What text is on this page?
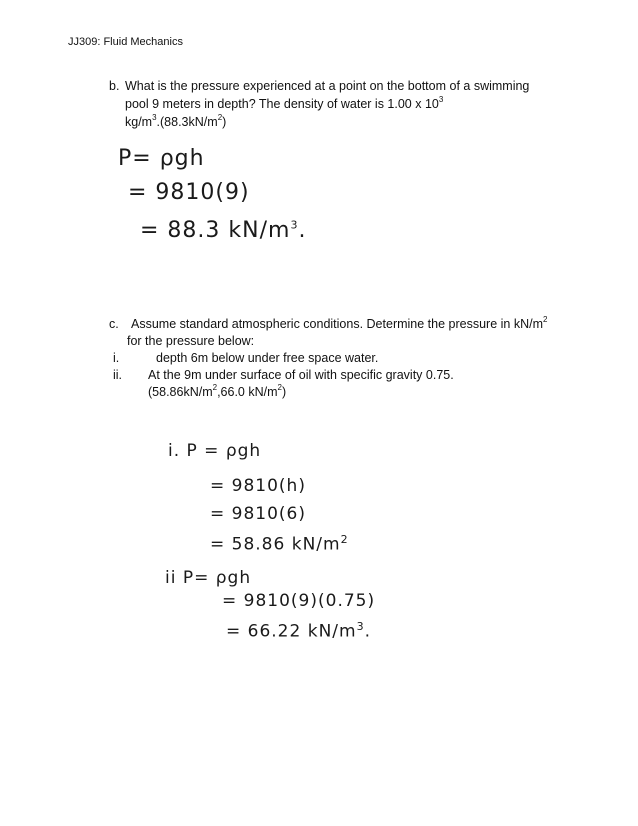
JJ309: Fluid Mechanics
b. What is the pressure experienced at a point on the bottom of a swimming
pool 9 meters in depth? The density of water is 1.00 x $10^3$
$kg/m^3.(88.3kN/m^2)$
P= ρgh
= 9810(9)
= 88.3 $kN/m^3$.
c. Assume standard atmospheric conditions. Determine the pressure in $kN/m^2$
for the pressure below:
i.	depth 6m below under free space water.
ii. At the 9m under surface of oil with specific gravity 0.75.
($58.86kN/m^2,66.0$ $kN/m^2$)
i. P = ρgh
= 9810(h)
= 9810(6)
= 58.86 $kN/m^2$
ii P= ρgh
= 9810(9)(0.75)
= 66.22 $kN/m^3$.
